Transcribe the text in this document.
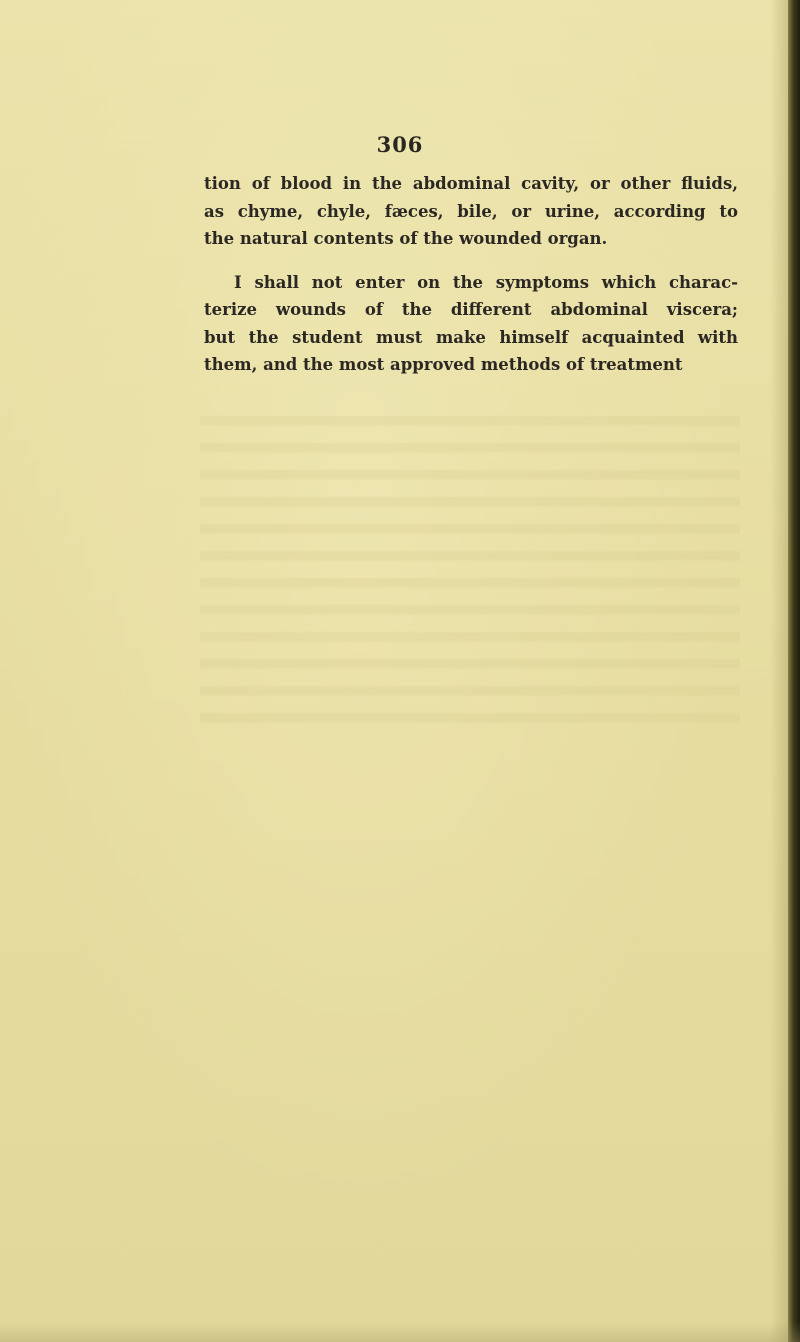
306
tion of blood in the abdominal cavity, or other fluids,
as chyme, chyle, fæces, bile, or urine, according to
the natural contents of the wounded organ.
I shall not enter on the symptoms which charac-
terize wounds of the different abdominal viscera;
but the student must make himself acquainted with
them, and the most approved methods of treatment
